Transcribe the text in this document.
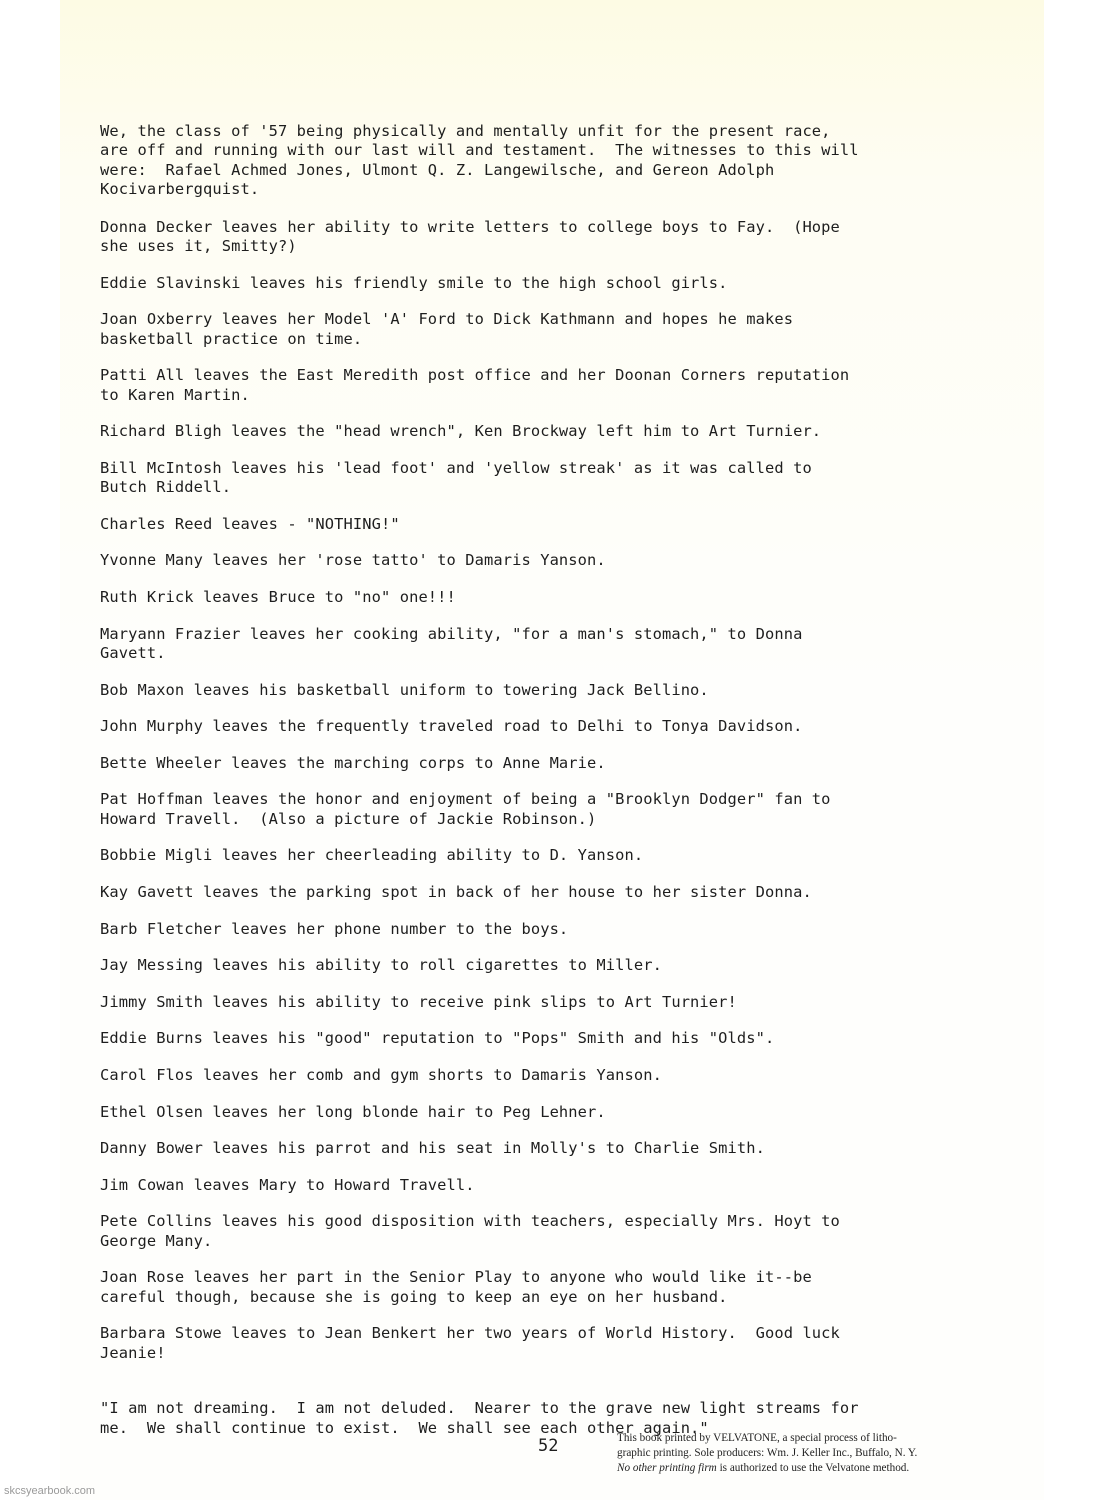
We, the class of '57 being physically and mentally unfit for the present race,
are off and running with our last will and testament.  The witnesses to this will
were:  Rafael Achmed Jones, Ulmont Q. Z. Langewilsche, and Gereon Adolph
Kocivarbergquist.

Donna Decker leaves her ability to write letters to college boys to Fay.  (Hope
she uses it, Smitty?)

Eddie Slavinski leaves his friendly smile to the high school girls.

Joan Oxberry leaves her Model 'A' Ford to Dick Kathmann and hopes he makes
basketball practice on time.

Patti All leaves the East Meredith post office and her Doonan Corners reputation
to Karen Martin.

Richard Bligh leaves the "head wrench", Ken Brockway left him to Art Turnier.

Bill McIntosh leaves his 'lead foot' and 'yellow streak' as it was called to
Butch Riddell.

Charles Reed leaves - "NOTHING!"

Yvonne Many leaves her 'rose tatto' to Damaris Yanson.

Ruth Krick leaves Bruce to "no" one!!!

Maryann Frazier leaves her cooking ability, "for a man's stomach," to Donna
Gavett.

Bob Maxon leaves his basketball uniform to towering Jack Bellino.

John Murphy leaves the frequently traveled road to Delhi to Tonya Davidson.

Bette Wheeler leaves the marching corps to Anne Marie.

Pat Hoffman leaves the honor and enjoyment of being a "Brooklyn Dodger" fan to
Howard Travell.  (Also a picture of Jackie Robinson.)

Bobbie Migli leaves her cheerleading ability to D. Yanson.

Kay Gavett leaves the parking spot in back of her house to her sister Donna.

Barb Fletcher leaves her phone number to the boys.

Jay Messing leaves his ability to roll cigarettes to Miller.

Jimmy Smith leaves his ability to receive pink slips to Art Turnier!

Eddie Burns leaves his "good" reputation to "Pops" Smith and his "Olds".

Carol Flos leaves her comb and gym shorts to Damaris Yanson.

Ethel Olsen leaves her long blonde hair to Peg Lehner.

Danny Bower leaves his parrot and his seat in Molly's to Charlie Smith.

Jim Cowan leaves Mary to Howard Travell.

Pete Collins leaves his good disposition with teachers, especially Mrs. Hoyt to
George Many.

Joan Rose leaves her part in the Senior Play to anyone who would like it--be
careful though, because she is going to keep an eye on her husband.

Barbara Stowe leaves to Jean Benkert her two years of World History.  Good luck
Jeanie!

"I am not dreaming.  I am not deluded.  Nearer to the grave new light streams for
me.  We shall continue to exist.  We shall see each other again."

52	This book printed by VELVATONE, a special process of litho-
graphic printing. Sole producers: Wm. J. Keller Inc., Buffalo, N. Y.
No other printing firm is authorized to use the Velvatone method.
skcsyearbook.com
